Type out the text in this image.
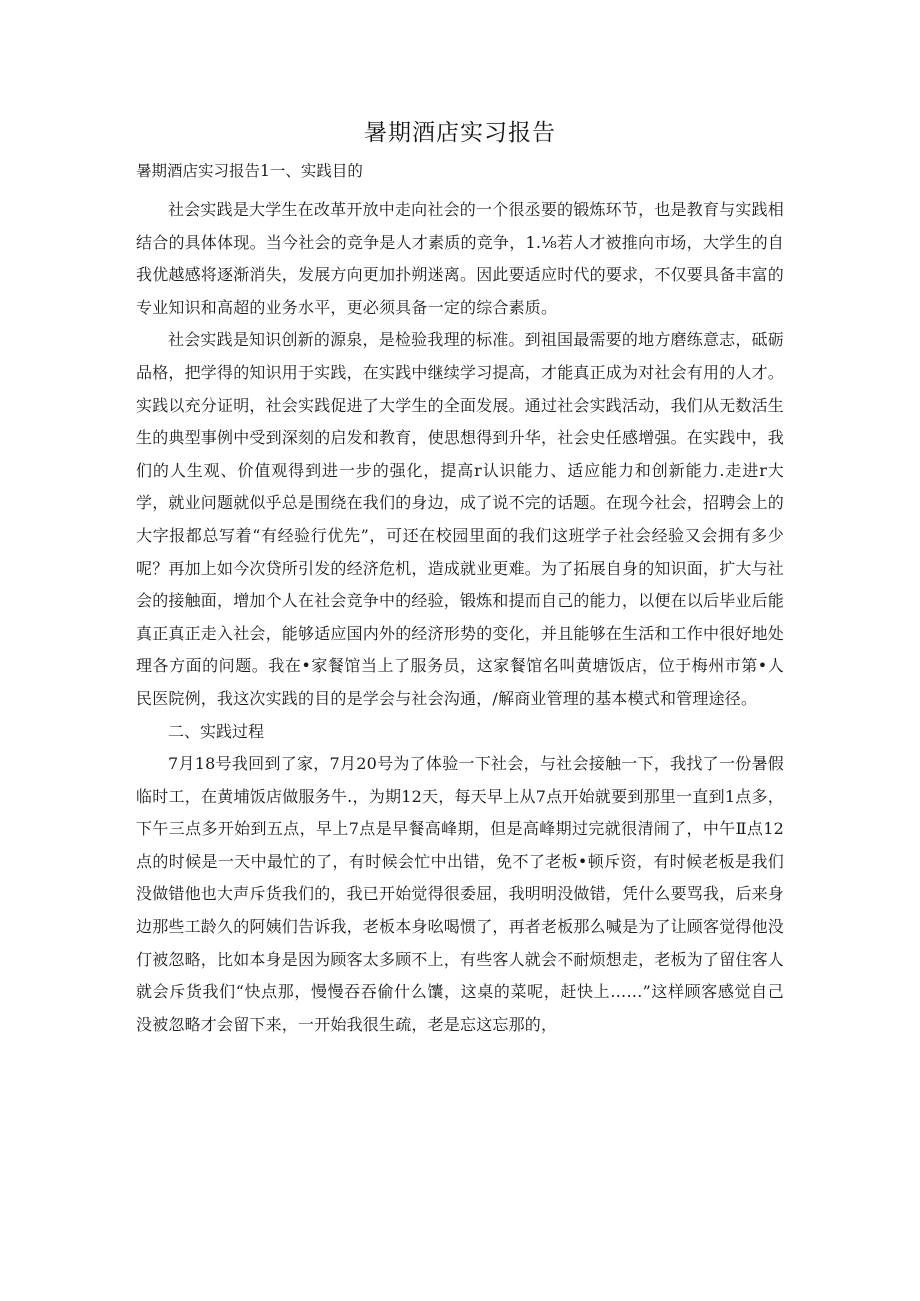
暑期酒店实习报告

暑期酒店实习报告1一、实践目的

社会实践是大学生在改革开放中走向社会的一个很丞要的锻炼环节，也是教育与实践相结合的具体体现。当今社会的竞争是人才素质的竞争，1.⅛若人才被推向市场，大学生的自我优越感将逐渐消失，发展方向更加扑朔迷离。因此要适应时代的要求，不仅要具备丰富的专业知识和高超的业务水平，更必须具备一定的综合素质。

社会实践是知识创新的源泉，是检验我理的标准。到祖国最需要的地方磨练意志，砥砺品格，把学得的知识用于实践，在实践中继续学习提高，才能真正成为对社会有用的人才。实践以充分证明，社会实践促进了大学生的全面发展。通过社会实践活动，我们从无数活生生的典型事例中受到深刻的启发和教育，使思想得到升华，社会史任感增强。在实践中，我们的人生观、价值观得到进一步的强化，提高r认识能力、适应能力和创新能力.走进r大学，就业问题就似乎总是围绕在我们的身边，成了说不完的话题。在现今社会，招聘会上的大字报都总写着“有经验行优先”，可还在校园里面的我们这班学子社会经验又会拥有多少呢？再加上如今次贷所引发的经济危机，造成就业更难。为了拓展自身的知识面，扩大与社会的接触面，增加个人在社会竞争中的经验，锻炼和提而自己的能力，以便在以后毕业后能真正真正走入社会，能够适应国内外的经济形势的变化，并且能够在生活和工作中很好地处理各方面的问题。我在•家餐馆当上了服务员，这家餐馆名叫黄塘饭店，位于梅州市第•人民医院例，我这次实践的目的是学会与社会沟通，/解商业管理的基本模式和管理途径。

二、实践过程

7月18号我回到了家，7月20号为了体验一下社会，与社会接触一下，我找了一份暑假临时工，在黄埔饭店做服务牛.，为期12天，每天早上从7点开始就要到那里一直到1点多，下午三点多开始到五点，早上7点是早餐高峰期，但是高峰期过完就很清闹了，中午Ⅱ点12点的时候是一天中最忙的了，有时候会忙中出错，免不了老板•顿斥资，有时候老板是我们没做错他也大声斥货我们的，我已开始觉得很委屈，我明明没做错，凭什么要骂我，后来身边那些工龄久的阿姨们告诉我，老板本身吆喝惯了，再者老板那么喊是为了让顾客觉得他没仃被忽略，比如本身是因为顾客太多顾不上，有些客人就会不耐烦想走，老板为了留住客人就会斥货我们“快点那，慢慢吞吞偷什么馕，这桌的菜呢，赶快上……”这样顾客感觉自己没被忽略才会留下来，一开始我很生疏，老是忘这忘那的，
